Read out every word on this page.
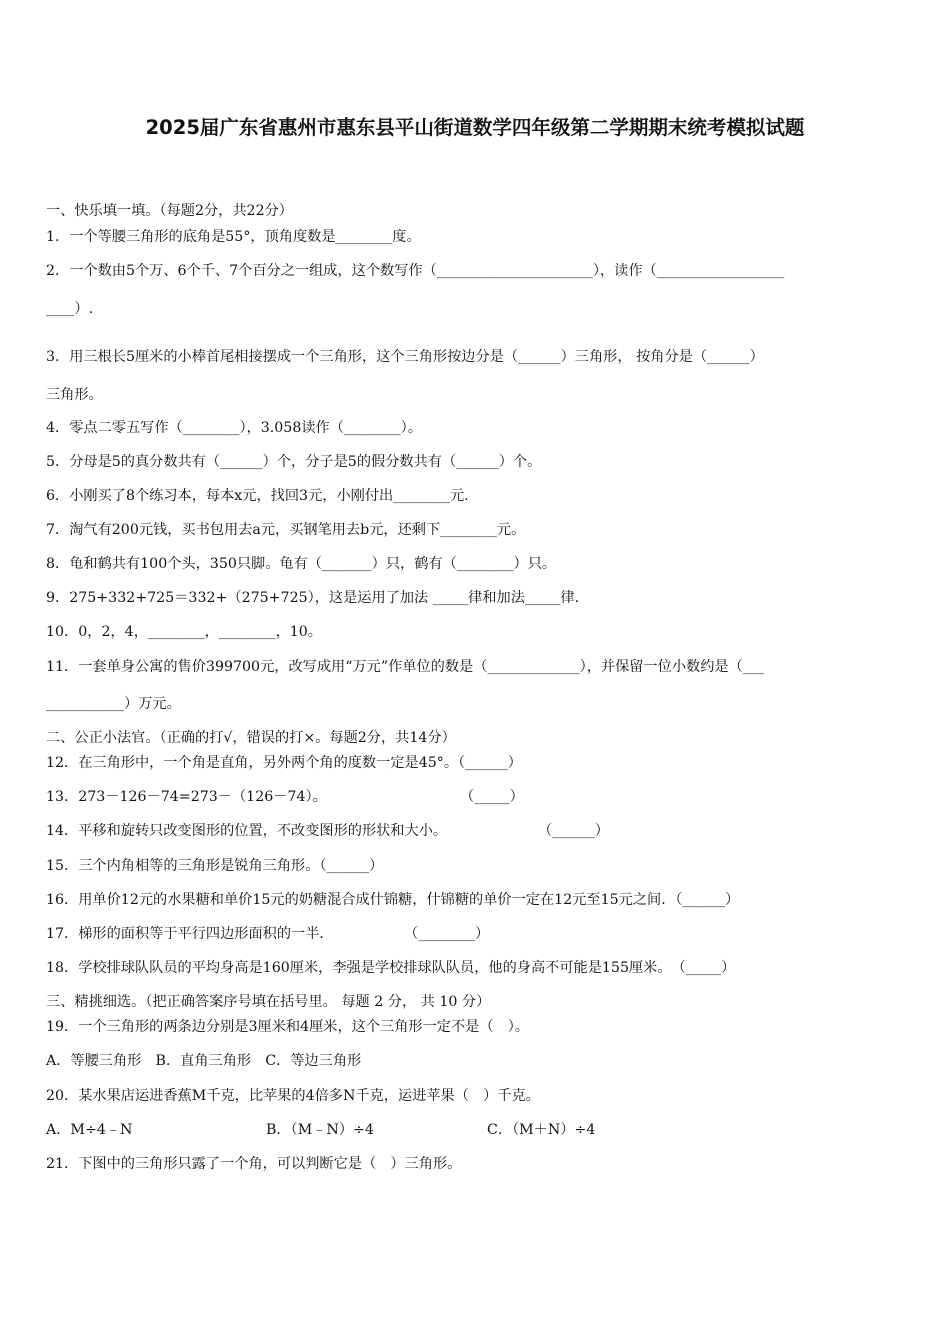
2025届广东省惠州市惠东县平山街道数学四年级第二学期期末统考模拟试题
一、快乐填一填。（每题2分，共22分）
1．一个等腰三角形的底角是55°，顶角度数是________度。
2．一个数由5个万、6个千、7个百分之一组成，这个数写作（______________________），读作（__________________
____）.
3．用三根长5厘米的小棒首尾相接摆成一个三角形，这个三角形按边分是（______）三角形， 按角分是（______）
三角形。
4．零点二零五写作（________），3.058读作（________）。
5．分母是5的真分数共有（______）个，分子是5的假分数共有（______）个。
6．小刚买了8个练习本，每本x元，找回3元，小刚付出________元.
7．淘气有200元钱，买书包用去a元，买钢笔用去b元，还剩下________元。
8．龟和鹤共有100个头，350只脚。龟有（_______）只，鹤有（________）只。
9．275+332+725＝332+（275+725），这是运用了加法 _____律和加法_____律.
10．0，2，4，________，________，10。
11．一套单身公寓的售价399700元，改写成用“万元”作单位的数是（_____________），并保留一位小数约是（___
___________）万元。
二、公正小法官。（正确的打√，错误的打×。每题2分，共14分）
12．在三角形中，一个角是直角，另外两个角的度数一定是45°。（______）
13．273－126－74=273－（126－74）。	（_____）
14．平移和旋转只改变图形的位置，不改变图形的形状和大小。	（______）
15．三个内角相等的三角形是锐角三角形。（______）
16．用单价12元的水果糖和单价15元的奶糖混合成什锦糖，什锦糖的单价一定在12元至15元之间．（______）
17．梯形的面积等于平行四边形面积的一半．	（________）
18．学校排球队队员的平均身高是160厘米，李强是学校排球队队员，他的身高不可能是155厘米。　（_____）
三、精挑细选。（把正确答案序号填在括号里。 每题 2 分， 共 10 分）
19．一个三角形的两条边分别是3厘米和4厘米，这个三角形一定不是（　）。
A．等腰三角形　B．直角三角形　C．等边三角形
20．某水果店运进香蕉M千克，比苹果的4倍多N千克，运进苹果（　）千克。
A．M÷4﹣N	B．（M﹣N）÷4	C．（M＋N）÷4
21．下图中的三角形只露了一个角，可以判断它是（　）三角形。
